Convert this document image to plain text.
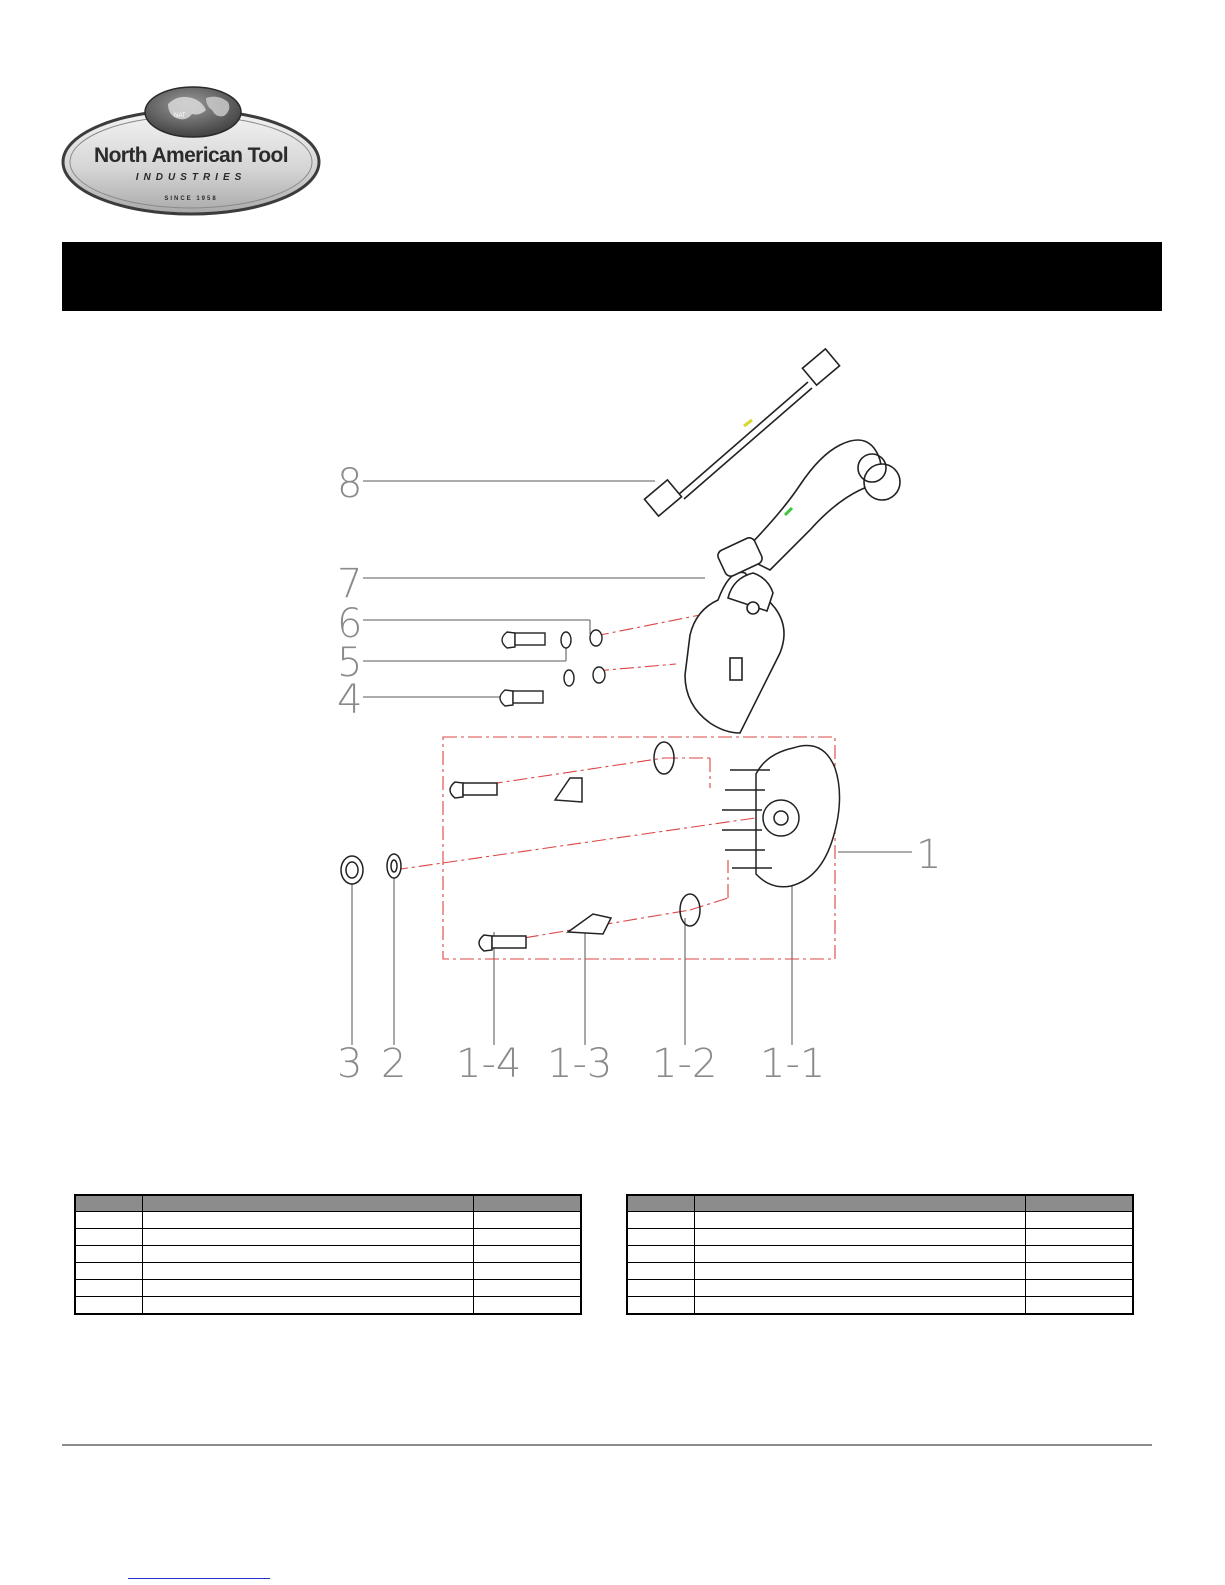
NAT
North American Tool
INDUSTRIES
SINCE 1958
8
7
6
5
4
1
3 2 1-4 1-3 1-2 1-1
